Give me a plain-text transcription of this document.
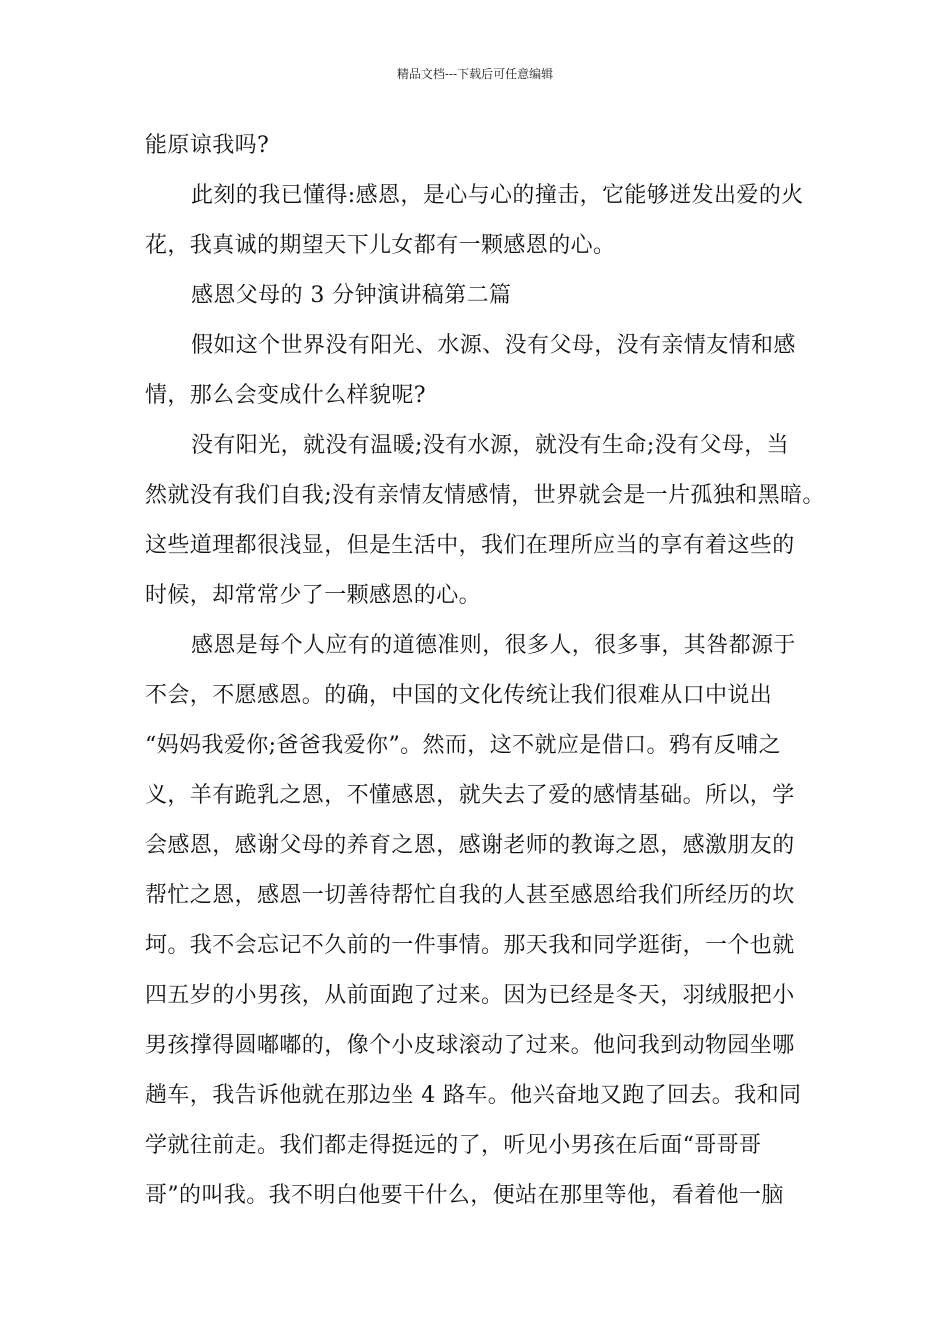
精品文档---下载后可任意编辑

能原谅我吗?

此刻的我已懂得:感恩，是心与心的撞击，它能够迸发出爱的火

花，我真诚的期望天下儿女都有一颗感恩的心。

感恩父母的 3 分钟演讲稿第二篇

假如这个世界没有阳光、水源、没有父母，没有亲情友情和感

情，那么会变成什么样貌呢?

没有阳光，就没有温暖;没有水源，就没有生命;没有父母，当

然就没有我们自我;没有亲情友情感情，世界就会是一片孤独和黑暗。

这些道理都很浅显，但是生活中，我们在理所应当的享有着这些的

时候，却常常少了一颗感恩的心。

感恩是每个人应有的道德准则，很多人，很多事，其咎都源于

不会，不愿感恩。的确，中国的文化传统让我们很难从口中说出

“妈妈我爱你;爸爸我爱你”。然而，这不就应是借口。鸦有反哺之

义，羊有跪乳之恩，不懂感恩，就失去了爱的感情基础。所以，学

会感恩，感谢父母的养育之恩，感谢老师的教诲之恩，感激朋友的

帮忙之恩，感恩一切善待帮忙自我的人甚至感恩给我们所经历的坎

坷。我不会忘记不久前的一件事情。那天我和同学逛街，一个也就

四五岁的小男孩，从前面跑了过来。因为已经是冬天，羽绒服把小

男孩撑得圆嘟嘟的，像个小皮球滚动了过来。他问我到动物园坐哪

趟车，我告诉他就在那边坐 4 路车。他兴奋地又跑了回去。我和同

学就往前走。我们都走得挺远的了，听见小男孩在后面“哥哥哥

哥”的叫我。我不明白他要干什么，便站在那里等他，看着他一脑
